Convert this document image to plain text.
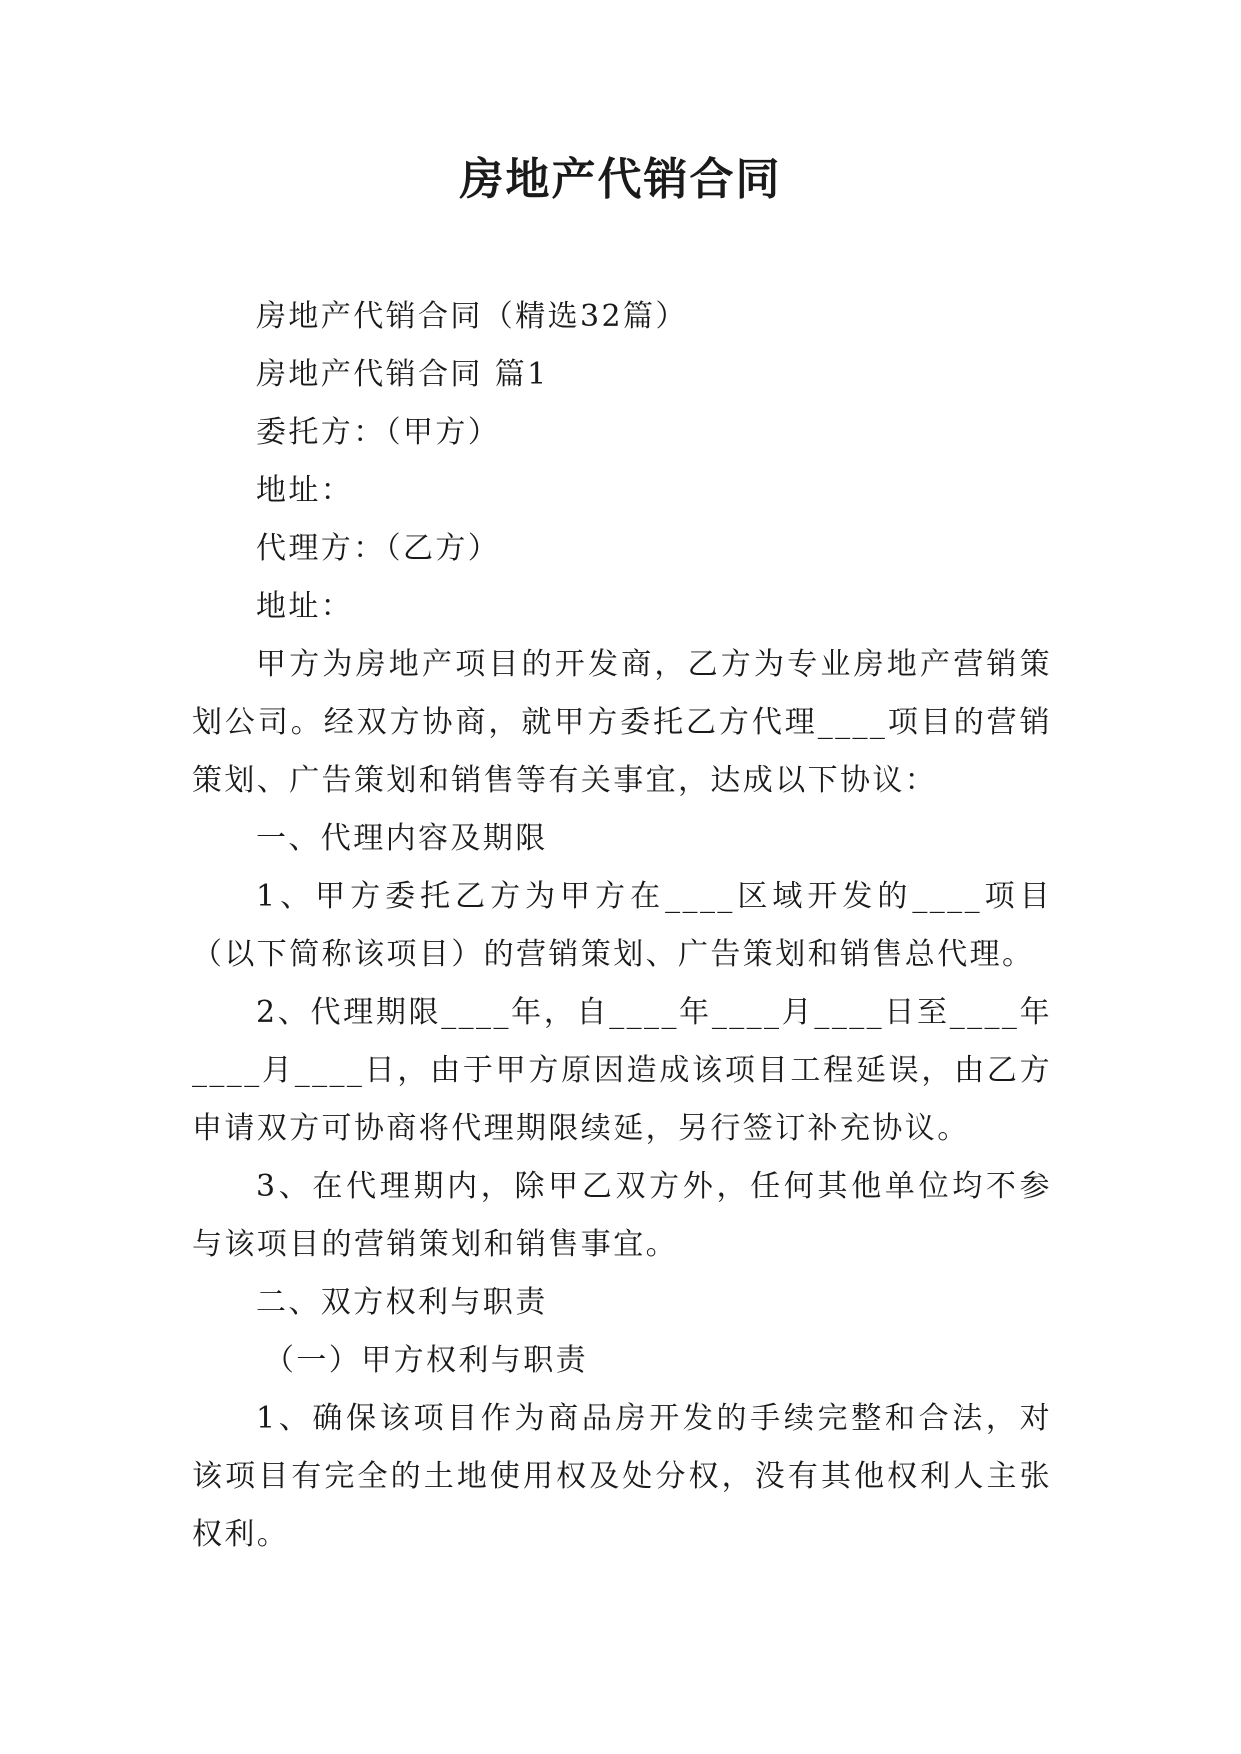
房地产代销合同

房地产代销合同（精选32篇）

房地产代销合同 篇1

委托方：（甲方）

地址：

代理方：（乙方）

地址：

甲方为房地产项目的开发商，乙方为专业房地产营销策划公司。经双方协商，就甲方委托乙方代理____项目的营销策划、广告策划和销售等有关事宜，达成以下协议：

一、代理内容及期限

1、甲方委托乙方为甲方在____区域开发的____项目（以下简称该项目）的营销策划、广告策划和销售总代理。

2、代理期限____年，自____年____月____日至____年____月____日，由于甲方原因造成该项目工程延误，由乙方申请双方可协商将代理期限续延，另行签订补充协议。

3、在代理期内，除甲乙双方外，任何其他单位均不参与该项目的营销策划和销售事宜。

二、双方权利与职责

（一）甲方权利与职责

1、确保该项目作为商品房开发的手续完整和合法，对该项目有完全的土地使用权及处分权，没有其他权利人主张权利。
